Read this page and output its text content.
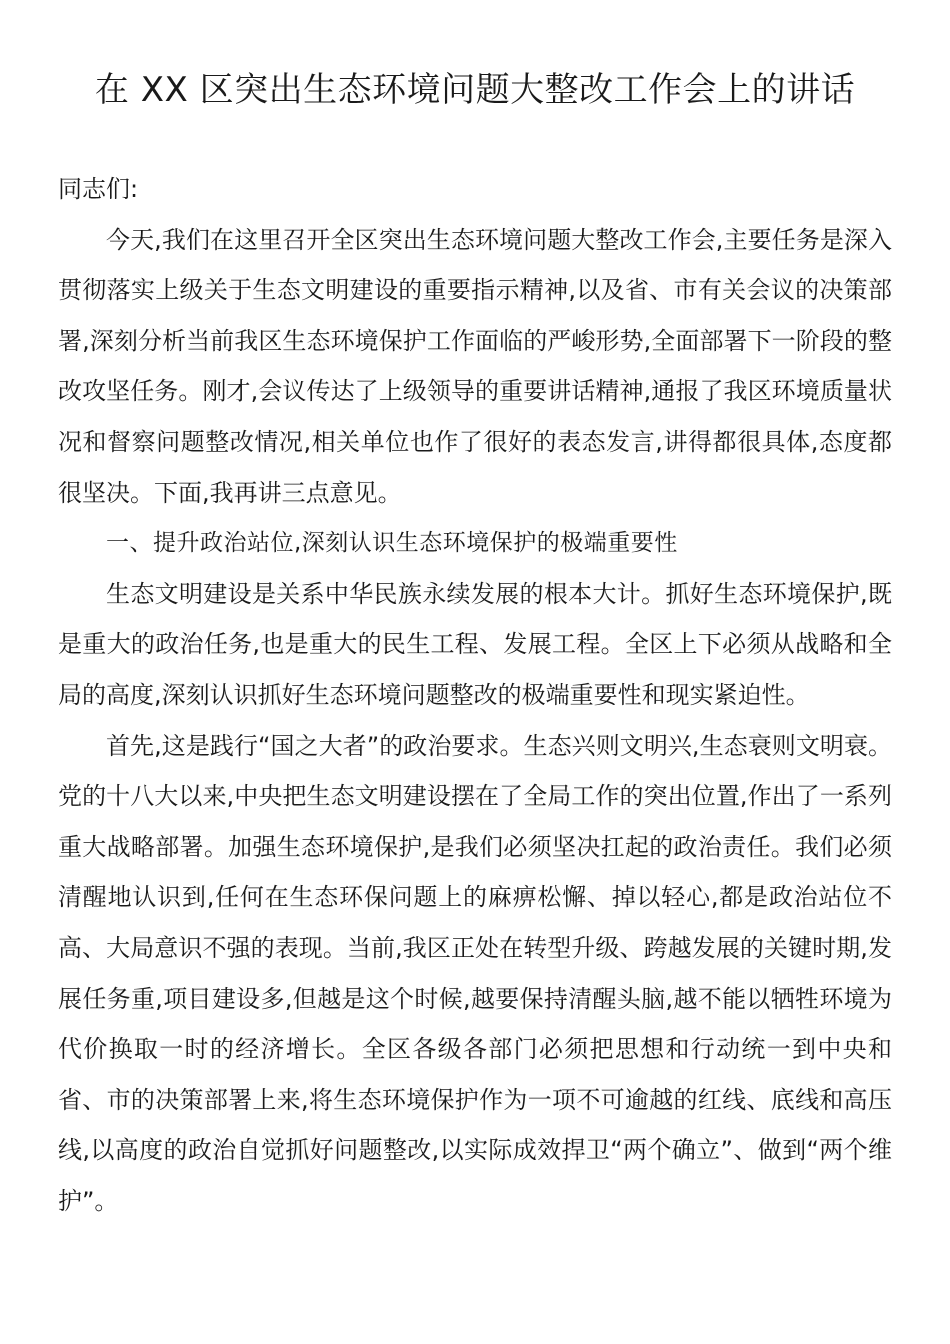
在 XX 区突出生态环境问题大整改工作会上的讲话

同志们:

今天,我们在这里召开全区突出生态环境问题大整改工作会,主要任务是深入贯彻落实上级关于生态文明建设的重要指示精神,以及省、市有关会议的决策部署,深刻分析当前我区生态环境保护工作面临的严峻形势,全面部署下一阶段的整改攻坚任务。刚才,会议传达了上级领导的重要讲话精神,通报了我区环境质量状况和督察问题整改情况,相关单位也作了很好的表态发言,讲得都很具体,态度都很坚决。下面,我再讲三点意见。

一、提升政治站位,深刻认识生态环境保护的极端重要性

生态文明建设是关系中华民族永续发展的根本大计。抓好生态环境保护,既是重大的政治任务,也是重大的民生工程、发展工程。全区上下必须从战略和全局的高度,深刻认识抓好生态环境问题整改的极端重要性和现实紧迫性。

首先,这是践行“国之大者”的政治要求。生态兴则文明兴,生态衰则文明衰。党的十八大以来,中央把生态文明建设摆在了全局工作的突出位置,作出了一系列重大战略部署。加强生态环境保护,是我们必须坚决扛起的政治责任。我们必须清醒地认识到,任何在生态环保问题上的麻痹松懈、掉以轻心,都是政治站位不高、大局意识不强的表现。当前,我区正处在转型升级、跨越发展的关键时期,发展任务重,项目建设多,但越是这个时候,越要保持清醒头脑,越不能以牺牲环境为代价换取一时的经济增长。全区各级各部门必须把思想和行动统一到中央和省、市的决策部署上来,将生态环境保护作为一项不可逾越的红线、底线和高压线,以高度的政治自觉抓好问题整改,以实际成效捍卫“两个确立”、做到“两个维护”。
